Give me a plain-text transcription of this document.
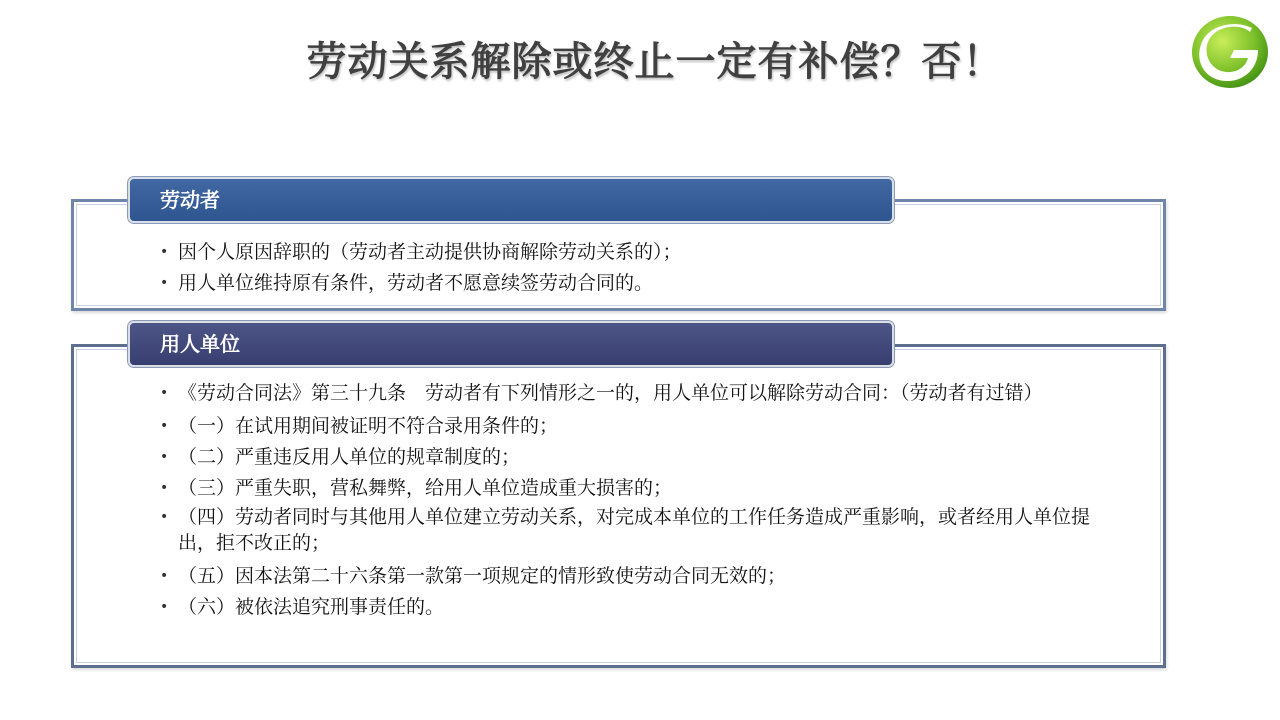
劳动关系解除或终止一定有补偿？否！
劳动者
• 因个人原因辞职的（劳动者主动提供协商解除劳动关系的）；
• 用人单位维持原有条件，劳动者不愿意续签劳动合同的。
用人单位
• 《劳动合同法》第三十九条　劳动者有下列情形之一的，用人单位可以解除劳动合同：（劳动者有过错）
• （一）在试用期间被证明不符合录用条件的；
• （二）严重违反用人单位的规章制度的；
• （三）严重失职，营私舞弊，给用人单位造成重大损害的；
• （四）劳动者同时与其他用人单位建立劳动关系，对完成本单位的工作任务造成严重影响，或者经用人单位提出，拒不改正的；
• （五）因本法第二十六条第一款第一项规定的情形致使劳动合同无效的；
• （六）被依法追究刑事责任的。
